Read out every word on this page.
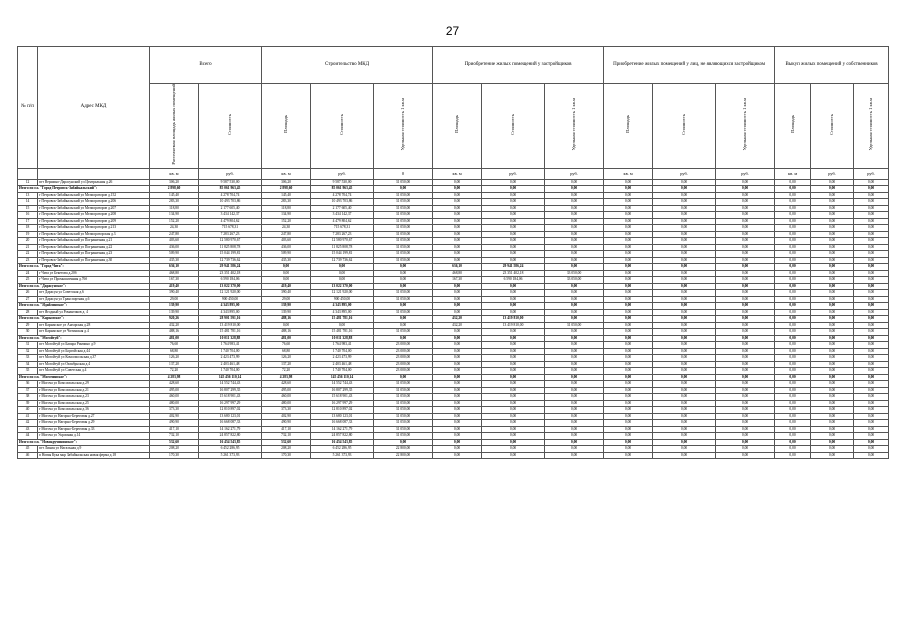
27
№ п/п	Адрес МКД	Всего		Строительство МКД			Приобретение жилых помещений у застройщиков			Приобретение жилых помещений у лиц, не являющихся застройщиком			Выкуп жилых помещений у собственников		
		Расселяемая площадь жилых помещений	Стоимость	Площадь	Стоимость	Удельная стоимость 1 кв.м	Площадь	Стоимость	Удельная стоимость 1 кв.м	Площадь	Стоимость	Удельная стоимость 1 кв.м	Площадь	Стоимость	Удельная стоимость 1 кв.м
		кв. м	руб.	кв. м	руб.	0	кв. м	руб.	руб.	кв. м	руб.	руб.	кв. м	руб.	руб.
12	пгт Вершино-Дарасунский ул Центральная д.26	306,20	9 587 530,00	306,20	9 587 530,00	31 050,00	0,00	0,00	0,00	0,00	0,00	0,00	0,00	0,00	0,00
Итого по г.о. "Город Петровск-Забайкальский":		2 898,60	85 061 963,45	2 898,60	85 061 963,45	0,00	0,00	0,00	0,00	0,00	0,00	0,00	0,00	0,00	0,00
13	г Петровск-Забайкальский ул Мелиораторов д.152	145,40	4 278 704,74	145,40	4 278 704,74	31 050,00	0,00	0,00	0,00	0,00	0,00	0,00	0,00	0,00	0,00
14	г Петровск-Забайкальский ул Мелиораторов д.206	283,30	10 493 703,86	283,30	10 493 703,86	31 050,00	0,00	0,00	0,00	0,00	0,00	0,00	0,00	0,00	0,00
15	г Петровск-Забайкальский ул Мелиораторов д.207	118,80	2 177 605,40	118,80	2 177 605,40	31 050,00	0,00	0,00	0,00	0,00	0,00	0,00	0,00	0,00	0,00
16	г Петровск-Забайкальский ул Мелиораторов д.208	134,90	3 434 142,37	134,90	3 434 142,37	31 050,00	0,00	0,00	0,00	0,00	0,00	0,00	0,00	0,00	0,00
17	г Петровск-Забайкальский ул Мелиораторов д.209	152,20	4 479 804,62	152,20	4 479 804,62	31 050,00	0,00	0,00	0,00	0,00	0,00	0,00	0,00	0,00	0,00
18	г Петровск-Забайкальский ул Мелиораторов д.213	24,30	715 678,31	24,30	715 678,31	31 050,00	0,00	0,00	0,00	0,00	0,00	0,00	0,00	0,00	0,00
19	г Петровск-Забайкальский ул Мелиораторская д.3	247,80	7 283 267,23	247,80	7 283 267,23	31 050,00	0,00	0,00	0,00	0,00	0,00	0,00	0,00	0,00	0,00
20	г Петровск-Забайкальский ул Пограничная д.21	403,60	12 580 970,67	403,60	12 580 970,67	31 050,00	0,00	0,00	0,00	0,00	0,00	0,00	0,00	0,00	0,00
21	г Петровск-Забайкальский ул Пограничная д.22	436,00	11 825 808,78	436,00	11 825 808,78	31 050,00	0,00	0,00	0,00	0,00	0,00	0,00	0,00	0,00	0,00
22	г Петровск-Забайкальский ул Пограничная д.23	509,90	15 044 199,81	509,90	15 044 199,81	31 050,00	0,00	0,00	0,00	0,00	0,00	0,00	0,00	0,00	0,00
23	г Петровск-Забайкальский ул Пограничная д.30	435,30	12 739 736,62	435,30	12 739 736,62	31 050,00	0,00	0,00	0,00	0,00	0,00	0,00	0,00	0,00	0,00
Итого по г.о. "Город Чита":		636,10	29 941 586,24	0,00	0,00	0,00	636,10	29 941 586,24	0,00	0,00	0,00	0,00	0,00	0,00	0,00
24	г Чита ул Бекетова д.20б	468,80	23 351 402,18	0,00	0,00	0,00	468,80	23 351 402,18	33 050,00	0,00	0,00	0,00	0,00	0,00	0,00
25	г Чита ул Промышленная д.76б	167,30	6 590 184,06	0,00	0,00	0,00	167,30	6 590 184,06	33 050,00	0,00	0,00	0,00	0,00	0,00	0,00
Итого по г.п. "Дарасунское":		419,40	13 022 370,00	419,40	13 022 370,00	0,00	0,00	0,00	0,00	0,00	0,00	0,00	0,00	0,00	0,00
26	пгт Дарасун ул Советская д.6	390,40	12 121 920,00	390,40	12 121 920,00	31 050,00	0,00	0,00	0,00	0,00	0,00	0,00	0,00	0,00	0,00
27	пгт Дарасун ул Транспортная д.6	29,00	900 450,00	29,00	900 450,00	31 050,00	0,00	0,00	0,00	0,00	0,00	0,00	0,00	0,00	0,00
Итого по г.п. "Ядайлинское":		139,90	4 343 895,00	139,90	4 343 895,00	0,00	0,00	0,00	0,00	0,00	0,00	0,00	0,00	0,00	0,00
28	пгт Ягодный ул Романтиков д. 4	139,90	4 343 895,00	139,90	4 343 895,00	31 050,00	0,00	0,00	0,00	0,00	0,00	0,00	0,00	0,00	0,00
Итого по г.п. "Карымское":		920,26	28 901 591,16	488,16	15 481 781,16	0,00	432,20	13 419 810,00	0,00	0,00	0,00	0,00	0,00	0,00	0,00
29	пгт Карымское ул Ангарская д.28	432,20	13 419 810,00	0,00	0,00	0,00	432,20	13 419 810,00	31 050,00	0,00	0,00	0,00	0,00	0,00	0,00
30	пгт Карымское ул Читинская д.4	488,16	15 481 781,16	488,16	15 481 781,16	31 050,00	0,00	0,00	0,00	0,00	0,00	0,00	0,00	0,00	0,00
Итого по г.п. "Могойтуй":		481,00	10 011 328,88	481,00	10 011 328,88	0,00	0,00	0,00	0,00	0,00	0,00	0,00	0,00	0,00	0,00
31	пгт Могойтуй ул Бапара Ринчино д.9	76,60	1 764 983,41	76,60	1 764 983,41	23 000,00	0,00	0,00	0,00	0,00	0,00	0,00	0,00	0,00	0,00
32	пгт Могойтуй ул Боргойская д.44	68,80	1 740 704,00	68,80	1 740 704,00	23 000,00	0,00	0,00	0,00	0,00	0,00	0,00	0,00	0,00	0,00
33	пгт Могойтуй ул Комсомольская д.37	126,20	2 423 473,99	126,20	2 423 473,99	23 000,00	0,00	0,00	0,00	0,00	0,00	0,00	0,00	0,00	0,00
34	пгт Могойтуй ул Октябрьская д.4	137,20	2 403 461,48	137,20	2 403 461,48	23 000,00	0,00	0,00	0,00	0,00	0,00	0,00	0,00	0,00	0,00
35	пгт Могойтуй ул Советская д.4	72,20	1 740 704,00	72,20	1 740 704,00	23 000,00	0,00	0,00	0,00	0,00	0,00	0,00	0,00	0,00	0,00
Итого по г.п. "Могочинское":		4 283,98	145 456 110,14	4 283,98	145 456 110,14	0,00	0,00	0,00	0,00	0,00	0,00	0,00	0,00	0,00	0,00
36	г Могоча ул Комсомольская д.29	428,60	14 552 744,43	428,60	14 552 744,43	31 050,00	0,00	0,00	0,00	0,00	0,00	0,00	0,00	0,00	0,00
37	г Могоча ул Комсомольская д.21	495,00	16 807 299,35	495,00	16 807 299,35	31 050,00	0,00	0,00	0,00	0,00	0,00	0,00	0,00	0,00	0,00
38	г Могоча ул Комсомольская д.23	460,00	15 618 901,43	460,00	15 618 901,43	31 050,00	0,00	0,00	0,00	0,00	0,00	0,00	0,00	0,00	0,00
39	г Могоча ул Комсомольская д.25	480,00	16 297 997,29	480,00	16 297 997,29	31 050,00	0,00	0,00	0,00	0,00	0,00	0,00	0,00	0,00	0,00
40	г Могоча ул Комсомольская д.36	373,30	12 810 897,02	373,30	12 810 897,02	31 050,00	0,00	0,00	0,00	0,00	0,00	0,00	0,00	0,00	0,00
41	г Могоча ул Нагорно-Береговая д.27	402,90	13 680 123,01	402,90	13 680 123,01	31 050,00	0,00	0,00	0,00	0,00	0,00	0,00	0,00	0,00	0,00
42	г Могоча ул Нагорно-Береговая д.29	490,90	16 668 087,33	490,90	16 668 087,33	31 050,00	0,00	0,00	0,00	0,00	0,00	0,00	0,00	0,00	0,00
43	г Могоча ул Нагорно-Береговая д.33	417,10	14 162 271,79	417,10	14 162 271,79	31 050,00	0,00	0,00	0,00	0,00	0,00	0,00	0,00	0,00	0,00
44	г Могоча ул Укромная д.14	732,10	24 857 822,80	732,10	24 857 822,80	31 050,00	0,00	0,00	0,00	0,00	0,00	0,00	0,00	0,00	0,00
Итого по г.п. "Новокручининское":		532,60	16 454 543,85	532,60	16 454 543,85	0,00	0,00	0,00	0,00	0,00	0,00	0,00	0,00	0,00	0,00
45	пгт Линия ул Нагальная д.9	208,20	6 452 286,95	208,20	6 452 286,95	22 800,00	0,00	0,00	0,00	0,00	0,00	0,00	0,00	0,00	0,00
46	п Новая Кука мкр Забайкальская новая ферма д.18	170,30	5 261 373,93	170,30	5 261 373,93	22 800,00	0,00	0,00	0,00	0,00	0,00	0,00	0,00	0,00	0,00
